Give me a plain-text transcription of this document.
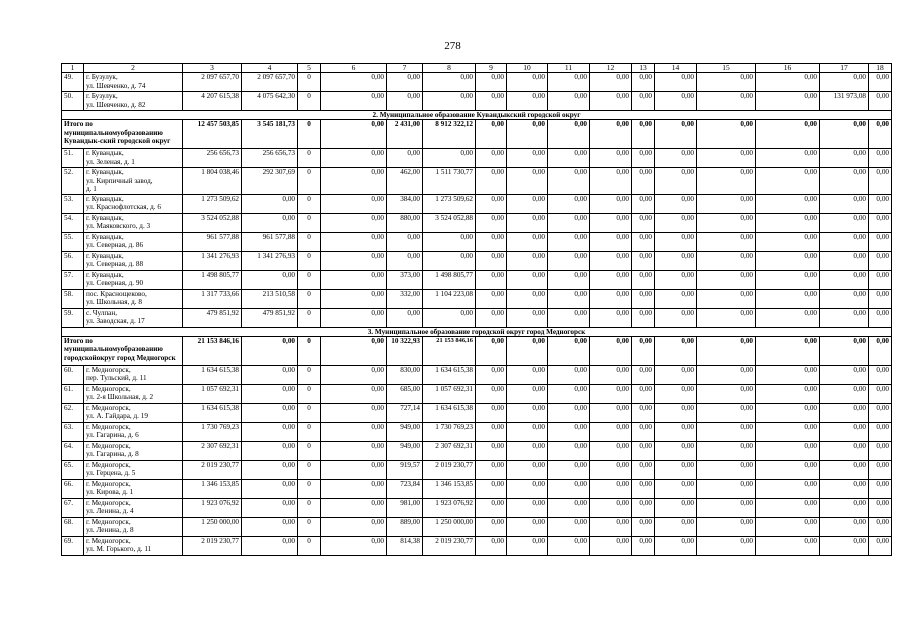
278
1	2	3	4	5	6	7	8	9	10	11	12	13	14	15	16	17	18
49.	г. Бузулук,
ул. Шевченко, д. 74	2 097 657,70	2 097 657,70	0	0,00	0,00	0,00	0,00	0,00	0,00	0,00	0,00	0,00	0,00	0,00	0,00	0,00
50.	г. Бузулук,
ул. Шевченко, д. 82	4 207 615,38	4 075 642,30	0	0,00	0,00	0,00	0,00	0,00	0,00	0,00	0,00	0,00	0,00	0,00	131 973,08	0,00
2. Муниципальное образование Кувандыкский городской округ																	
Итого по муниципальномуобразованию Кувандык-ский городской округ		12 457 503,85	3 545 181,73	0	0,00	2 431,00	8 912 322,12	0,00	0,00	0,00	0,00	0,00	0,00	0,00	0,00	0,00	0,00
51.	г. Кувандык,
ул. Зеленая, д. 1	256 656,73	256 656,73	0	0,00	0,00	0,00	0,00	0,00	0,00	0,00	0,00	0,00	0,00	0,00	0,00	0,00
52.	г. Кувандык,
ул. Кирпичный завод,
д. 1	1 804 038,46	292 307,69	0	0,00	462,00	1 511 730,77	0,00	0,00	0,00	0,00	0,00	0,00	0,00	0,00	0,00	0,00
53.	г. Кувандык,
ул. Краснофлотская, д. 6	1 273 509,62	0,00	0	0,00	384,00	1 273 509,62	0,00	0,00	0,00	0,00	0,00	0,00	0,00	0,00	0,00	0,00
54.	г. Кувандык,
ул. Маяковского, д. 3	3 524 052,88	0,00	0	0,00	880,00	3 524 052,88	0,00	0,00	0,00	0,00	0,00	0,00	0,00	0,00	0,00	0,00
55.	г. Кувандык,
ул. Северная, д. 86	961 577,88	961 577,88	0	0,00	0,00	0,00	0,00	0,00	0,00	0,00	0,00	0,00	0,00	0,00	0,00	0,00
56.	г. Кувандык,
ул. Северная, д. 88	1 341 276,93	1 341 276,93	0	0,00	0,00	0,00	0,00	0,00	0,00	0,00	0,00	0,00	0,00	0,00	0,00	0,00
57.	г. Кувандык,
ул. Северная, д. 90	1 498 805,77	0,00	0	0,00	373,00	1 498 805,77	0,00	0,00	0,00	0,00	0,00	0,00	0,00	0,00	0,00	0,00
58.	пос. Краснощеково,
ул. Школьная, д. 8	1 317 733,66	213 510,58	0	0,00	332,00	1 104 223,08	0,00	0,00	0,00	0,00	0,00	0,00	0,00	0,00	0,00	0,00
59.	с. Чулпан,
ул. Заводская, д. 17	479 851,92	479 851,92	0	0,00	0,00	0,00	0,00	0,00	0,00	0,00	0,00	0,00	0,00	0,00	0,00	0,00
3. Муниципальное образование городской округ город Медногорск																	
Итого по муниципальномуобразованию городскойокруг город Медногорск		21 153 846,16	0,00	0	0,00	10 322,93	21 153 846,16	0,00	0,00	0,00	0,00	0,00	0,00	0,00	0,00	0,00	0,00
60.	г. Медногорск,
пер. Тульский, д. 11	1 634 615,38	0,00	0	0,00	830,00	1 634 615,38	0,00	0,00	0,00	0,00	0,00	0,00	0,00	0,00	0,00	0,00
61.	г. Медногорск,
ул. 2-я Школьная, д. 2	1 057 692,31	0,00	0	0,00	685,00	1 057 692,31	0,00	0,00	0,00	0,00	0,00	0,00	0,00	0,00	0,00	0,00
62.	г. Медногорск,
ул. А. Гайдара, д. 19	1 634 615,38	0,00	0	0,00	727,14	1 634 615,38	0,00	0,00	0,00	0,00	0,00	0,00	0,00	0,00	0,00	0,00
63.	г. Медногорск,
ул. Гагарина, д. 6	1 730 769,23	0,00	0	0,00	949,00	1 730 769,23	0,00	0,00	0,00	0,00	0,00	0,00	0,00	0,00	0,00	0,00
64.	г. Медногорск,
ул. Гагарина, д. 8	2 307 692,31	0,00	0	0,00	949,00	2 307 692,31	0,00	0,00	0,00	0,00	0,00	0,00	0,00	0,00	0,00	0,00
65.	г. Медногорск,
ул. Герцена, д. 5	2 019 230,77	0,00	0	0,00	919,57	2 019 230,77	0,00	0,00	0,00	0,00	0,00	0,00	0,00	0,00	0,00	0,00
66.	г. Медногорск,
ул. Кирова, д. 1	1 346 153,85	0,00	0	0,00	723,84	1 346 153,85	0,00	0,00	0,00	0,00	0,00	0,00	0,00	0,00	0,00	0,00
67.	г. Медногорск,
ул. Ленина, д. 4	1 923 076,92	0,00	0	0,00	981,00	1 923 076,92	0,00	0,00	0,00	0,00	0,00	0,00	0,00	0,00	0,00	0,00
68.	г. Медногорск,
ул. Ленина, д. 8	1 250 000,00	0,00	0	0,00	889,00	1 250 000,00	0,00	0,00	0,00	0,00	0,00	0,00	0,00	0,00	0,00	0,00
69.	г. Медногорск,
ул. М. Горького, д. 11	2 019 230,77	0,00	0	0,00	814,38	2 019 230,77	0,00	0,00	0,00	0,00	0,00	0,00	0,00	0,00	0,00	0,00
